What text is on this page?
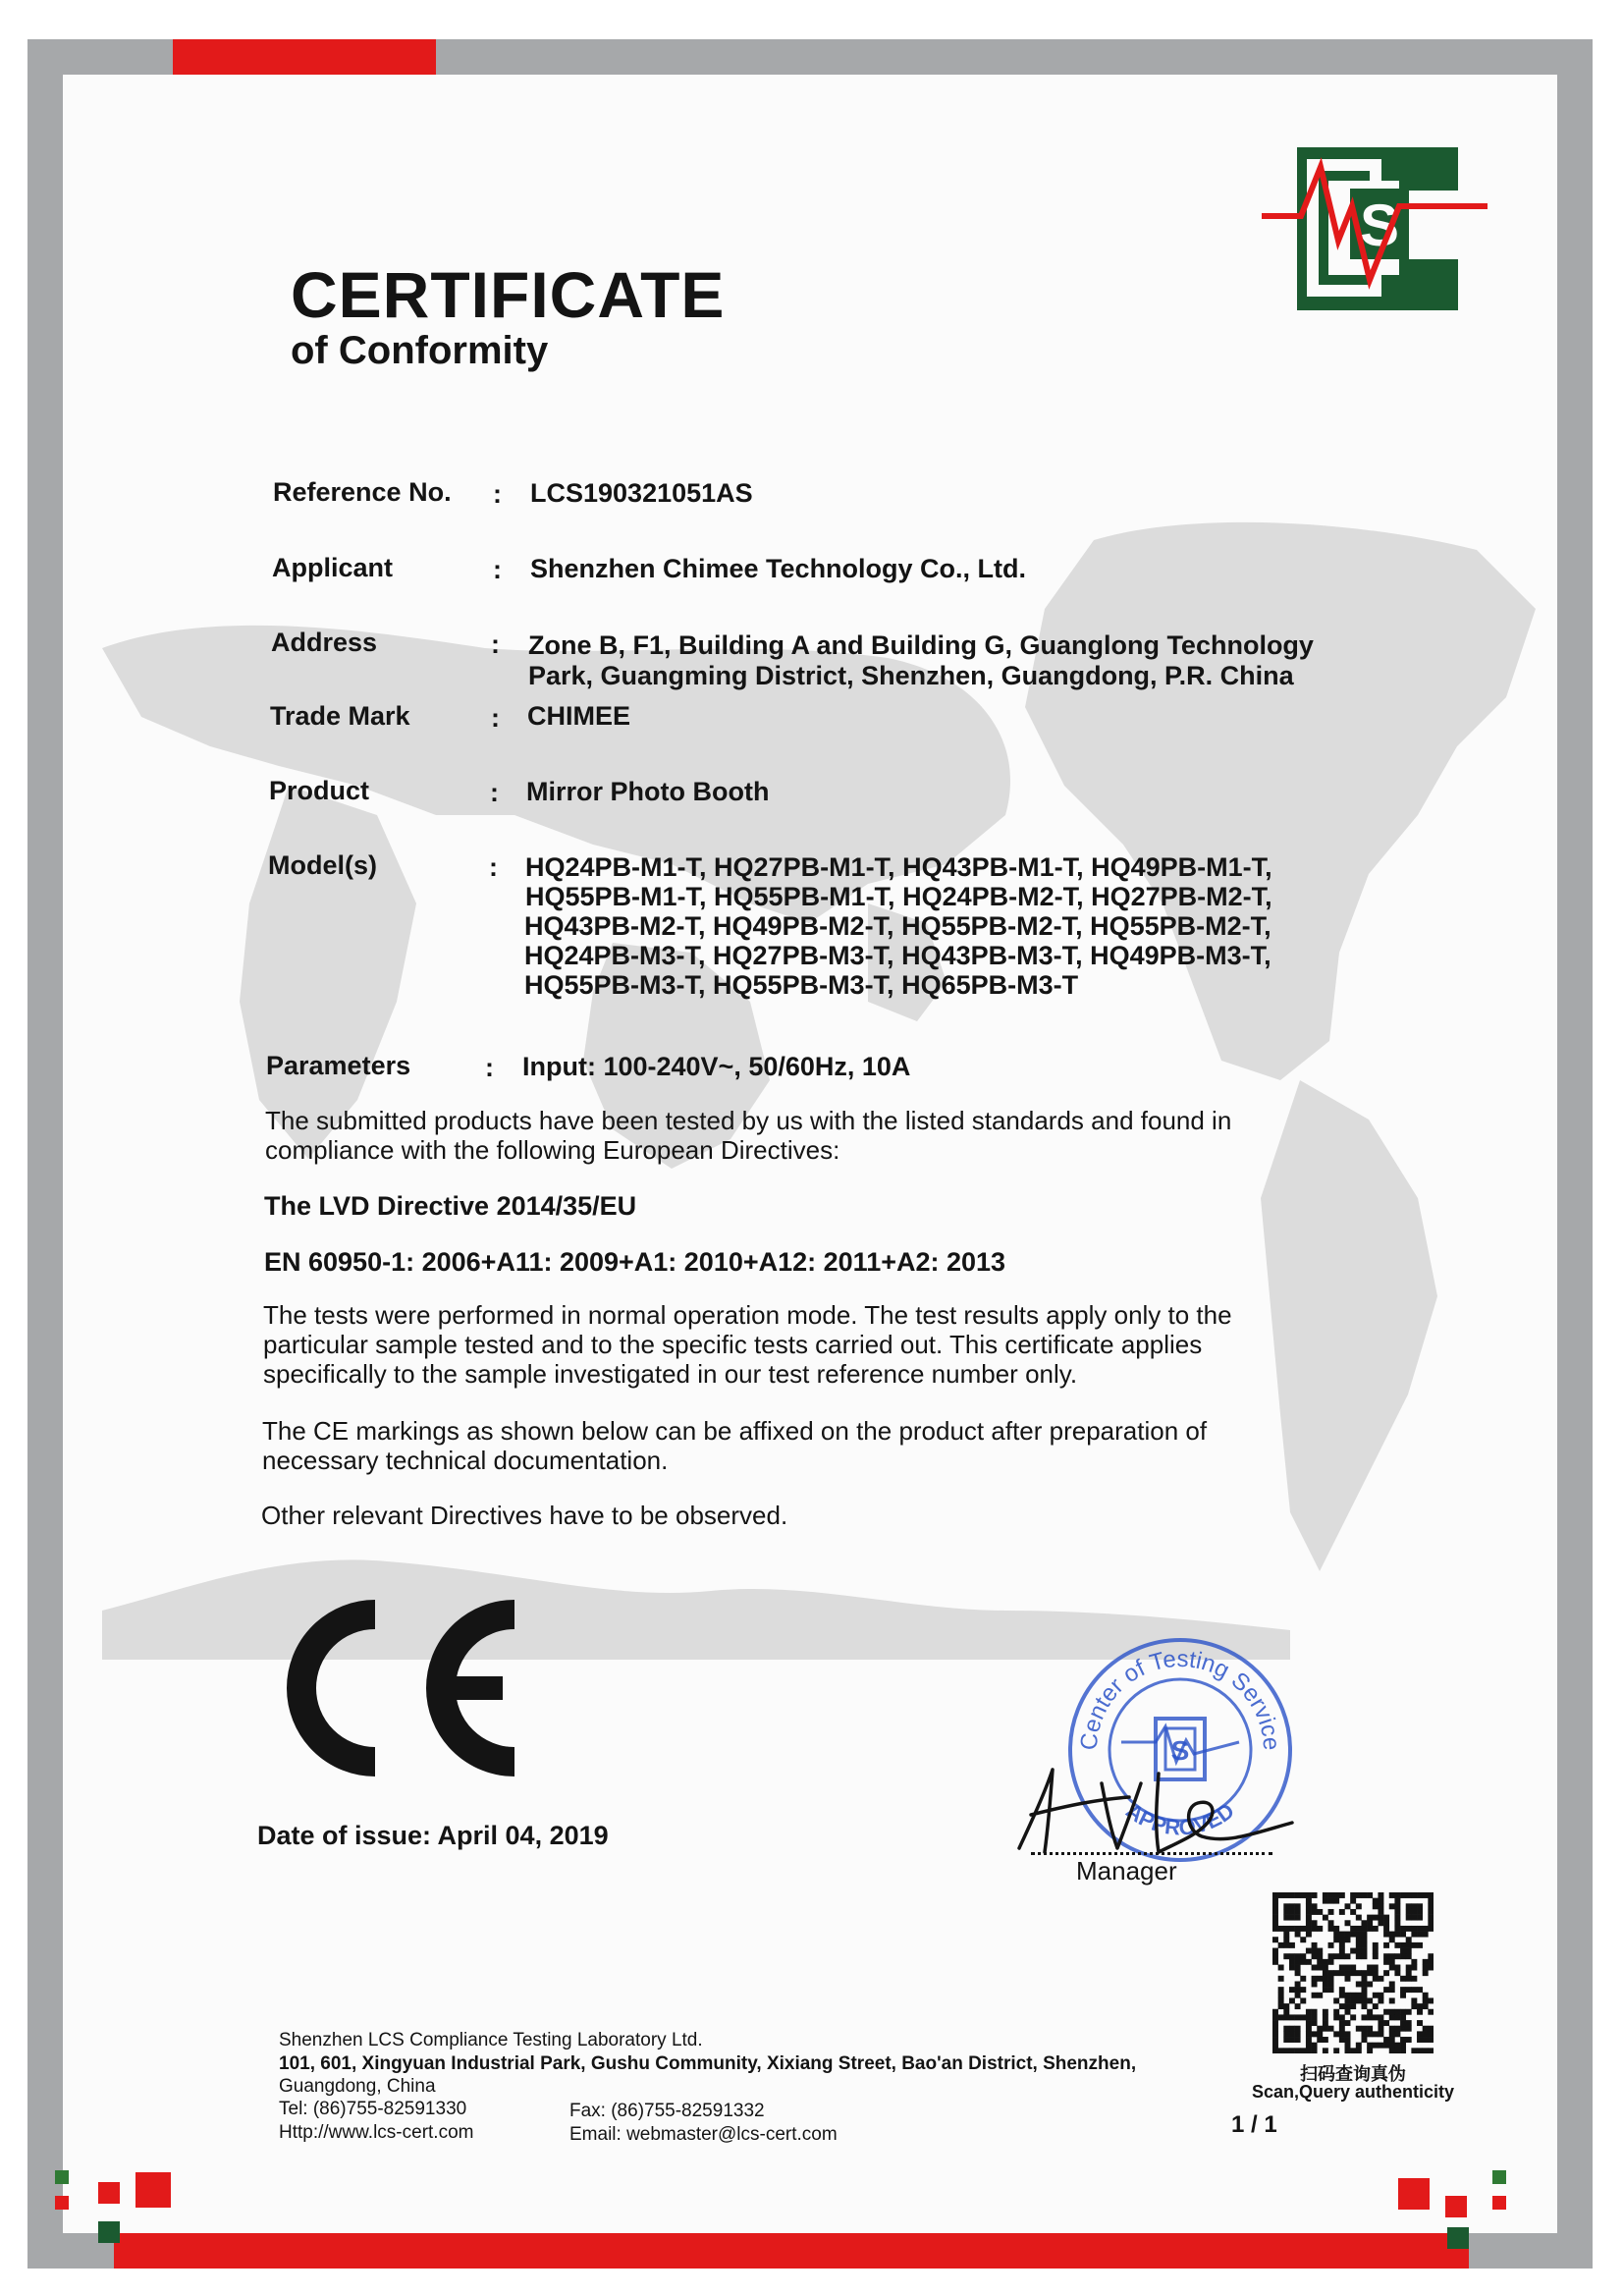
S
CERTIFICATE
of Conformity
Reference No. : LCS190321051AS
Applicant	: Shenzhen Chimee Technology Co., Ltd.
Address	: Zone B, F1, Building A and Building G, Guanglong Technology
Park, Guangming District, Shenzhen, Guangdong, P.R. China
Trade Mark	: CHIMEE
Product	: Mirror Photo Booth
Model(s)	: HQ24PB-M1-T, HQ27PB-M1-T, HQ43PB-M1-T, HQ49PB-M1-T,
HQ55PB-M1-T, HQ55PB-M1-T, HQ24PB-M2-T, HQ27PB-M2-T,
HQ43PB-M2-T, HQ49PB-M2-T, HQ55PB-M2-T, HQ55PB-M2-T,
HQ24PB-M3-T, HQ27PB-M3-T, HQ43PB-M3-T, HQ49PB-M3-T,
HQ55PB-M3-T, HQ55PB-M3-T, HQ65PB-M3-T
Parameters	: Input: 100-240V~, 50/60Hz, 10A
The submitted products have been tested by us with the listed standards and found in
compliance with the following European Directives:
The LVD Directive 2014/35/EU
EN 60950-1: 2006+A11: 2009+A1: 2010+A12: 2011+A2: 2013
The tests were performed in normal operation mode. The test results apply only to the
particular sample tested and to the specific tests carried out. This certificate applies
specifically to the sample investigated in our test reference number only.
The CE markings as shown below can be affixed on the product after preparation of
necessary technical documentation.
Other relevant Directives have to be observed.
Date of issue: April 04, 2019
Center of Testing Service
APPROVED
S
Manager
扫码查询真伪
Scan,Query authenticity
1 / 1
Shenzhen LCS Compliance Testing Laboratory Ltd.
101, 601, Xingyuan Industrial Park, Gushu Community, Xixiang Street, Bao'an District, Shenzhen,
Guangdong, China
Tel: (86)755-82591330	Fax: (86)755-82591332
Http://www.lcs-cert.com	Email: webmaster@lcs-cert.com
